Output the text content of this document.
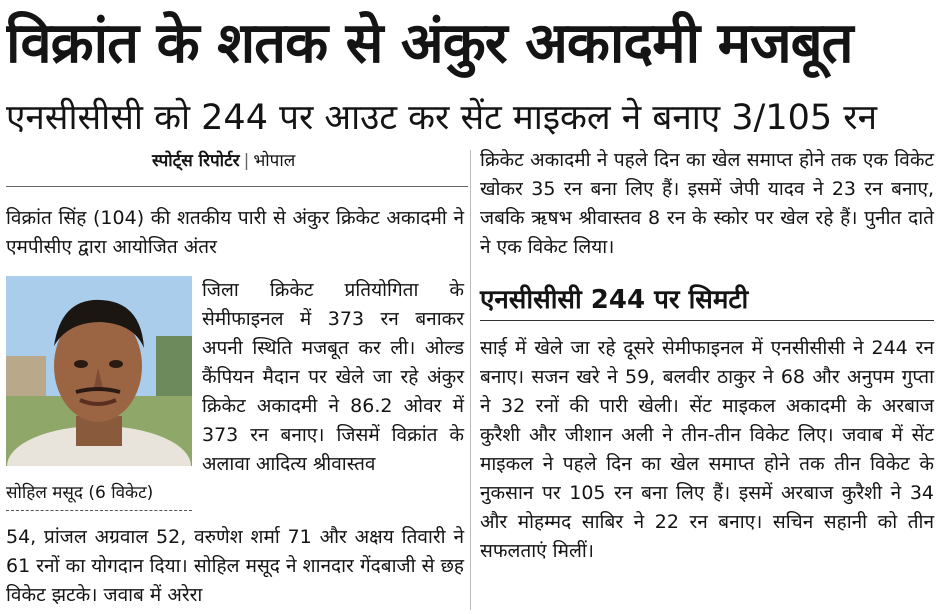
विक्रांत के शतक से अंकुर अकादमी मजबूत
एनसीसीसी को 244 पर आउट कर सेंट माइकल ने बनाए 3/105 रन
स्पोर्ट्स रिपोर्टर | भोपाल

विक्रांत सिंह (104) की शतकीय पारी से अंकुर क्रिकेट अकादमी ने एमपीसीए द्वारा आयोजित अंतर

सोहिल मसूद (6 विकेट)

जिला क्रिकेट प्रतियोगिता के सेमीफाइनल में 373 रन बनाकर अपनी स्थिति मजबूत कर ली। ओल्ड कैंपियन मैदान पर खेले जा रहे अंकुर क्रिकेट अकादमी ने 86.2 ओवर में 373 रन बनाए। जिसमें विक्रांत के अलावा आदित्य श्रीवास्तव

54, प्रांजल अग्रवाल 52, वरुणेश शर्मा 71 और अक्षय तिवारी ने 61 रनों का योगदान दिया। सोहिल मसूद ने शानदार गेंदबाजी से छह विकेट झटके। जवाब में अरेरा

क्रिकेट अकादमी ने पहले दिन का खेल समाप्त होने तक एक विकेट खोकर 35 रन बना लिए हैं। इसमें जेपी यादव ने 23 रन बनाए, जबकि ऋषभ श्रीवास्तव 8 रन के स्कोर पर खेल रहे हैं। पुनीत दाते ने एक विकेट लिया।

एनसीसीसी 244 पर सिमटी

साई में खेले जा रहे दूसरे सेमीफाइनल में एनसीसीसी ने 244 रन बनाए। सजन खरे ने 59, बलवीर ठाकुर ने 68 और अनुपम गुप्ता ने 32 रनों की पारी खेली। सेंट माइकल अकादमी के अरबाज कुरैशी और जीशान अली ने तीन-तीन विकेट लिए। जवाब में सेंट माइकल ने पहले दिन का खेल समाप्त होने तक तीन विकेट के नुकसान पर 105 रन बना लिए हैं। इसमें अरबाज कुरैशी ने 34 और मोहम्मद साबिर ने 22 रन बनाए। सचिन सहानी को तीन सफलताएं मिलीं।
